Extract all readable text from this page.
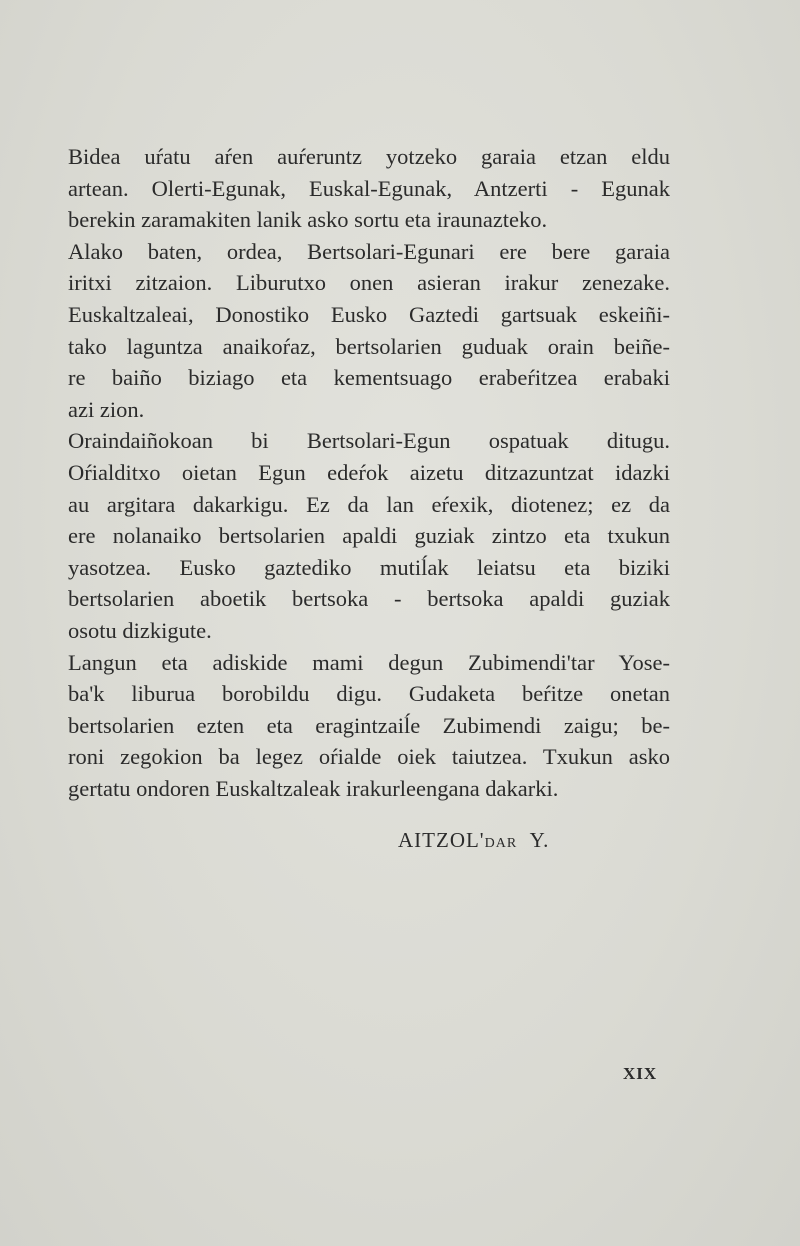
Bidea uŕatu aŕen auŕeruntz yotzeko garaia etzan eldu
artean. Olerti-Egunak, Euskal-Egunak, Antzerti - Egunak
berekin zaramakiten lanik asko sortu eta iraunazteko.
Alako baten, ordea, Bertsolari-Egunari ere bere garaia
iritxi zitzaion. Liburutxo onen asieran irakur zenezake.
Euskaltzaleai, Donostiko Eusko Gaztedi gartsuak eskeiñi-
tako laguntza anaikoŕaz, bertsolarien guduak orain beiñe-
re baiño biziago eta kementsuago erabeŕitzea erabaki
azi zion.
Oraindaiñokoan bi Bertsolari-Egun ospatuak ditugu.
Oŕialditxo oietan Egun edeŕok aizetu ditzazuntzat idazki
au argitara dakarkigu. Ez da lan eŕexik, diotenez; ez da
ere nolanaiko bertsolarien apaldi guziak zintzo eta txukun
yasotzea. Eusko gaztediko mutiĺak leiatsu eta biziki
bertsolarien aboetik bertsoka - bertsoka apaldi guziak
osotu dizkigute.
Langun eta adiskide mami degun Zubimendi'tar Yose-
ba'k liburua borobildu digu. Gudaketa beŕitze onetan
bertsolarien ezten eta eragintzaiĺe Zubimendi zaigu; be-
roni zegokion ba legez oŕialde oiek taiutzea. Txukun asko
gertatu ondoren Euskaltzaleak irakurleengana dakarki.
AITZOL'DAR Y.
XIX
